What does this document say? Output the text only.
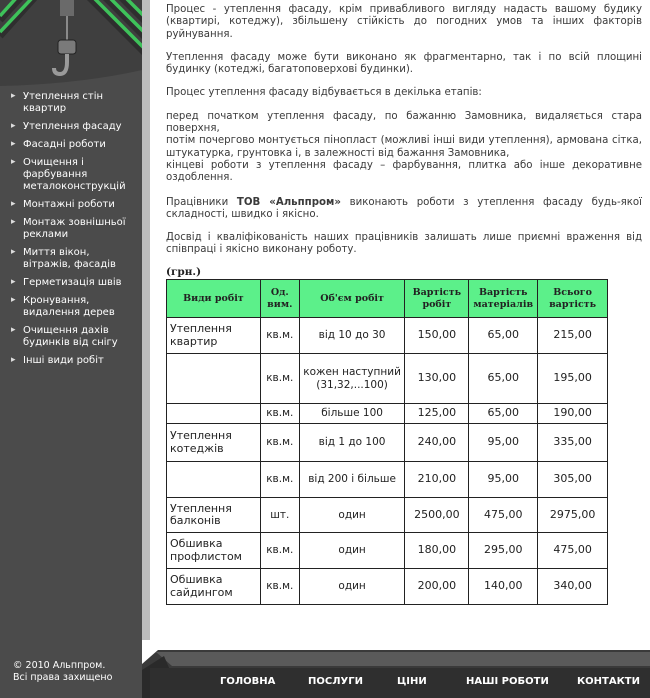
▸ Утеплення стін квартир
▸ Утеплення фасаду
▸ Фасадні роботи
▸ Очищення і фарбування металоконструкцій
▸ Монтажні роботи
▸ Монтаж зовнішньої реклами
▸ Миття вікон, вітражів, фасадів
▸ Герметизація швів
▸ Кронування, видалення дерев
▸ Очищення дахів будинків від снігу
▸ Інші види робіт
© 2010 Альппром.
Всі права захищено

Процес - утеплення фасаду, крім привабливого вигляду надасть вашому будику (квартирі, котеджу), збільшену стійкість до погодних умов та інших факторів руйнування.

Утеплення фасаду може бути виконано як фрагментарно, так і по всій площині будинку (котеджі, багатоповерхові будинки).

Процес утеплення фасаду відбувається в декілька етапів:

перед початком утеплення фасаду, по бажанню Замовника, видаляється стара поверхня,
потім почергово монтується пінопласт (можливі інші види утеплення), армована сітка, штукатурка, грунтовка і, в залежності від бажання Замовника,
кінцеві роботи з утеплення фасаду – фарбування, плитка або інше декоративне оздоблення.

Працівники ТОВ «Альппром» виконають роботи з утеплення фасаду будь-якої складності, швидко і якісно.

Досвід і кваліфікованість наших працівників залишать лише приємні враження від співпраці і якісно виконану роботу.

(грн.)
Види робіт	Од. вим.	Об'єм робіт	Вартість робіт	Вартість матеріалів	Всього вартість
Утеплення квартир	кв.м.	від 10 до 30	150,00	65,00	215,00
	кв.м.	кожен наступний (31,32,...100)	130,00	65,00	195,00
	кв.м.	більше 100	125,00	65,00	190,00
Утеплення котеджів	кв.м.	від 1 до 100	240,00	95,00	335,00
	кв.м.	від 200 і більше	210,00	95,00	305,00
Утеплення балконів	шт.	один	2500,00	475,00	2975,00
Обшивка профлистом	кв.м.	один	180,00	295,00	475,00
Обшивка сайдингом	кв.м.	один	200,00	140,00	340,00
ГОЛОВНА	ПОСЛУГИ	ЦІНИ	НАШІ РОБОТИ	КОНТАКТИ
